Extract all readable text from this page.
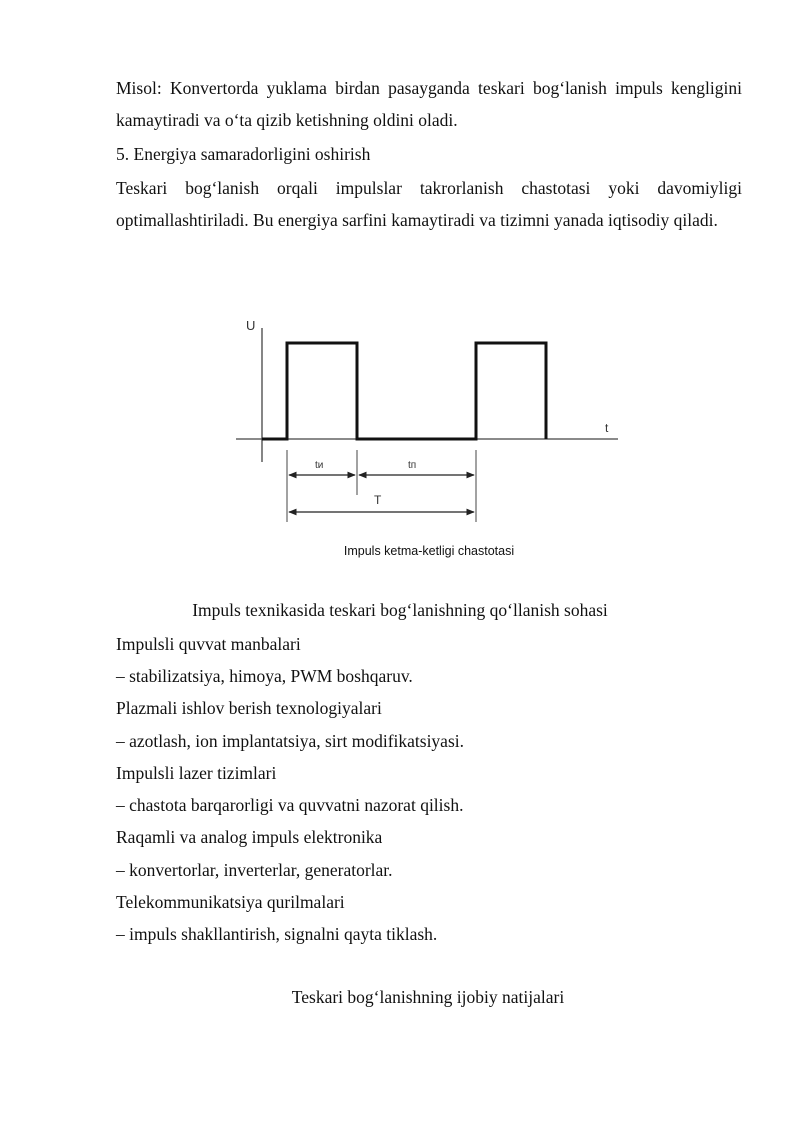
Misol: Konvertorda yuklama birdan pasayganda teskari bog‘lanish impuls kengligini kamaytiradi va o‘ta qizib ketishning oldini oladi.

5. Energiya samaradorligini oshirish

Teskari bog‘lanish orqali impulslar takrorlanish chastotasi yoki davomiyligi optimallashtiriladi. Bu energiya sarfini kamaytiradi va tizimni yanada iqtisodiy qiladi.

U
t
tи	tп
T
Impuls ketma-ketligi chastotasi

Impuls texnikasida teskari bog‘lanishning qo‘llanish sohasi

Impulsli quvvat manbalari

– stabilizatsiya, himoya, PWM boshqaruv.

Plazmali ishlov berish texnologiyalari

– azotlash, ion implantatsiya, sirt modifikatsiyasi.

Impulsli lazer tizimlari

– chastota barqarorligi va quvvatni nazorat qilish.

Raqamli va analog impuls elektronika

– konvertorlar, inverterlar, generatorlar.

Telekommunikatsiya qurilmalari

– impuls shakllantirish, signalni qayta tiklash.

Teskari bog‘lanishning ijobiy natijalari
